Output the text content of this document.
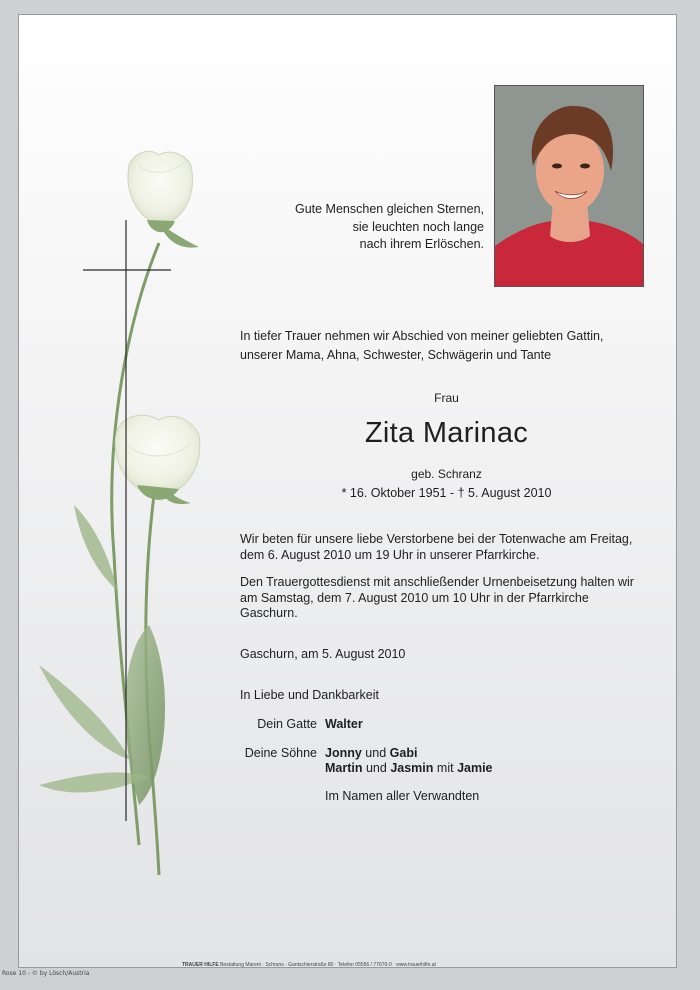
Gute Menschen gleichen Sternen,
sie leuchten noch lange
nach ihrem Erlöschen.
In tiefer Trauer nehmen wir Abschied von meiner geliebten Gattin,
unserer Mama, Ahna, Schwester, Schwägerin und Tante
Frau
Zita Marinac
geb. Schranz
* 16. Oktober 1951 - † 5. August 2010
Wir beten für unsere liebe Verstorbene bei der Totenwache am Freitag,
dem 6. August 2010 um 19 Uhr in unserer Pfarrkirche.
Den Trauergottesdienst mit anschließender Urnenbeisetzung halten wir
am Samstag, dem 7. August 2010 um 10 Uhr in der Pfarrkirche
Gaschurn.
Gaschurn, am 5. August 2010
In Liebe und Dankbarkeit
Dein Gatte Walter
Deine Söhne Jonny und Gabi
Martin und Jasmin mit Jamie
Im Namen aller Verwandten
TRAUER HILFE Bestattung Marent · Schruns · Gantschierstraße 80 · Telefon 05556 / 77670-0 · www.trauerhilfe.at
Rose 10 - © by Lösch/Austria
